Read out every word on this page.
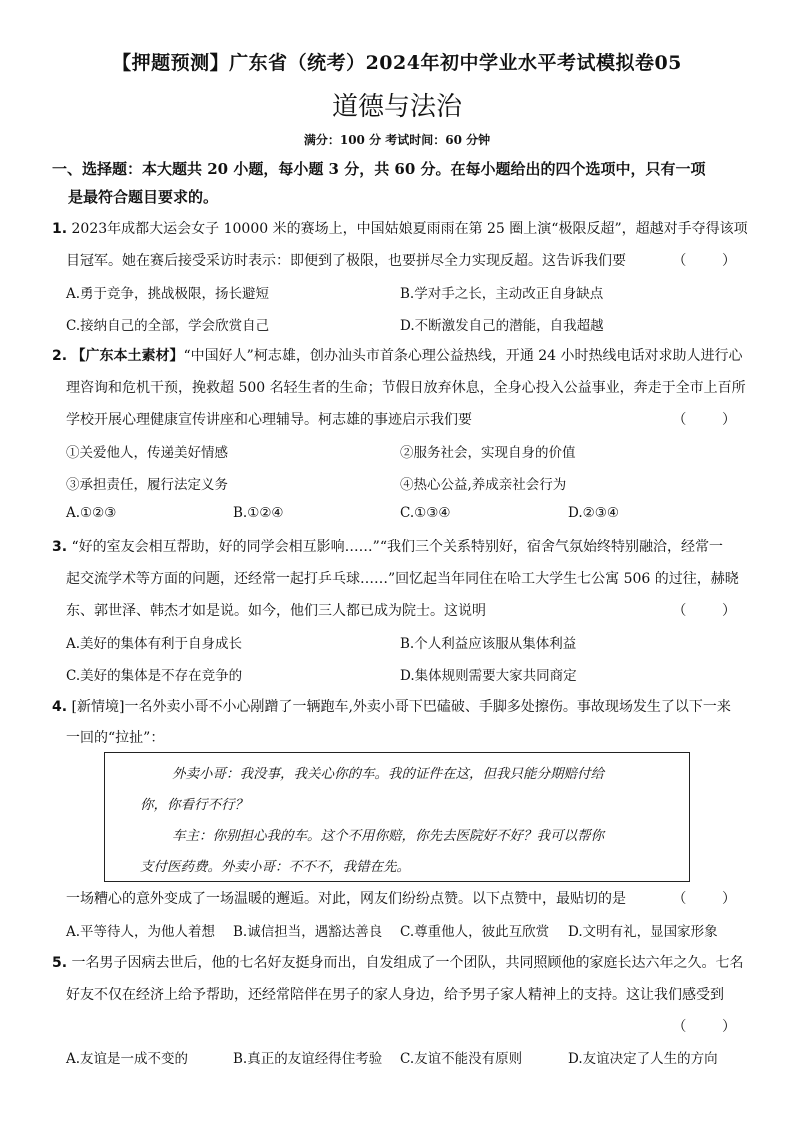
【押题预测】广东省（统考）2024年初中学业水平考试模拟卷05
道德与法治
满分：100 分 考试时间：60 分钟
一、选择题：本大题共 20 小题，每小题 3 分，共 60 分。在每小题给出的四个选项中，只有一项
是最符合题目要求的。
1. 2023年成都大运会女子 10000 米的赛场上，中国姑娘夏雨雨在第 25 圈上演“极限反超”，超越对手夺得该项
目冠军。她在赛后接受采访时表示：即便到了极限，也要拼尽全力实现反超。这告诉我们要	（        ）
A.勇于竞争，挑战极限，扬长避短	B.学对手之长，主动改正自身缺点
C.接纳自己的全部，学会欣赏自己	D.不断激发自己的潜能，自我超越
2. 【广东本土素材】“中国好人”柯志雄，创办汕头市首条心理公益热线，开通 24 小时热线电话对求助人进行心
理咨询和危机干预，挽救超 500 名轻生者的生命；节假日放弃休息，全身心投入公益事业，奔走于全市上百所
学校开展心理健康宣传讲座和心理辅导。柯志雄的事迹启示我们要	（        ）
①关爱他人，传递美好情感	②服务社会，实现自身的价值
③承担责任，履行法定义务	④热心公益,养成亲社会行为
A.①②③	B.①②④	C.①③④	D.②③④
3. “好的室友会相互帮助，好的同学会相互影响……”“我们三个关系特别好，宿舍气氛始终特别融洽，经常一
起交流学术等方面的问题，还经常一起打乒乓球……”回忆起当年同住在哈工大学生七公寓 506 的过往，赫晓
东、郭世泽、韩杰才如是说。如今，他们三人都已成为院士。这说明	（        ）
A.美好的集体有利于自身成长	B.个人利益应该服从集体利益
C.美好的集体是不存在竞争的	D.集体规则需要大家共同商定
4. [新情境]一名外卖小哥不小心剐蹭了一辆跑车,外卖小哥下巴磕破、手脚多处擦伤。事故现场发生了以下一来
一回的“拉扯”：
外卖小哥：我没事，我关心你的车。我的证件在这，但我只能分期赔付给
你，你看行不行？
车主：你别担心我的车。这个不用你赔，你先去医院好不好？我可以帮你
支付医药费。外卖小哥：不不不，我错在先。
一场糟心的意外变成了一场温暖的邂逅。对此，网友们纷纷点赞。以下点赞中，最贴切的是	（        ）
A.平等待人，为他人着想 B.诚信担当，遇豁达善良 C.尊重他人，彼此互欣赏 D.文明有礼，显国家形象
5. 一名男子因病去世后，他的七名好友挺身而出，自发组成了一个团队，共同照顾他的家庭长达六年之久。七名
好友不仅在经济上给予帮助，还经常陪伴在男子的家人身边，给予男子家人精神上的支持。这让我们感受到
（        ）
A.友谊是一成不变的	B.真正的友谊经得住考验 C.友谊不能没有原则	D.友谊决定了人生的方向
